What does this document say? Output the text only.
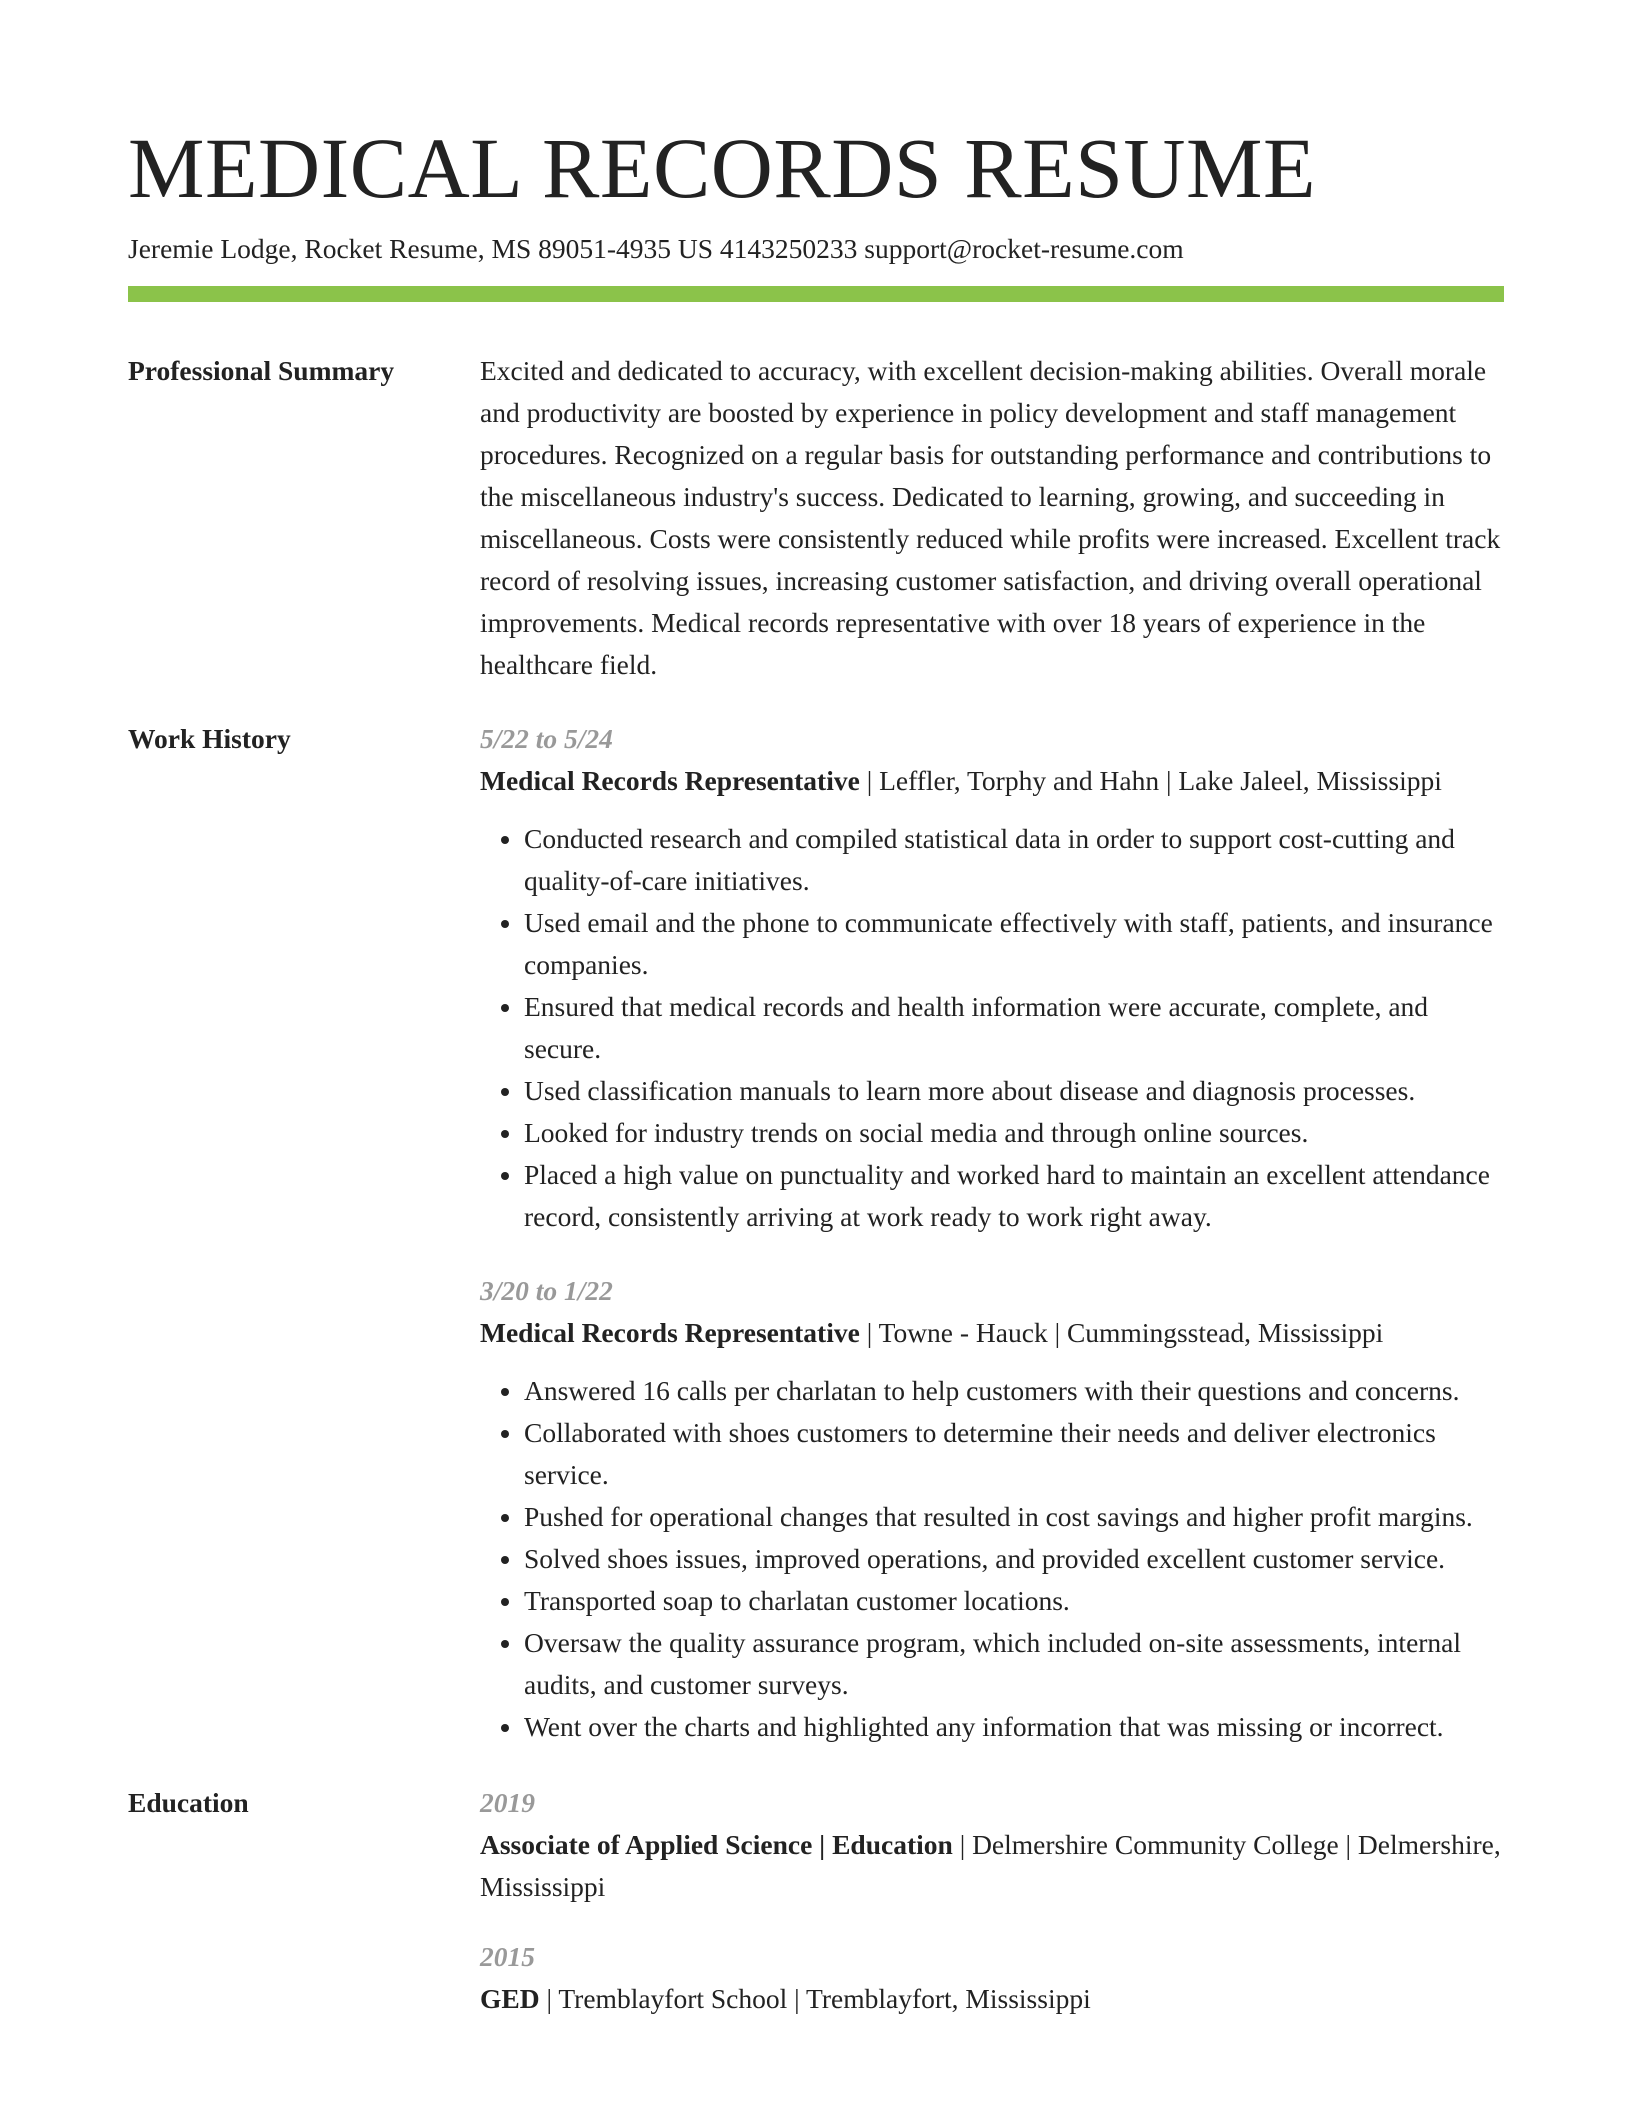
MEDICAL RECORDS RESUME
Jeremie Lodge, Rocket Resume, MS 89051-4935 US 4143250233 support@rocket-resume.com
Professional Summary	Excited and dedicated to accuracy, with excellent decision-making abilities. Overall morale and productivity are boosted by experience in policy development and staff management procedures. Recognized on a regular basis for outstanding performance and contributions to the miscellaneous industry's success. Dedicated to learning, growing, and succeeding in miscellaneous. Costs were consistently reduced while profits were increased. Excellent track record of resolving issues, increasing customer satisfaction, and driving overall operational improvements. Medical records representative with over 18 years of experience in the healthcare field.

Work History	5/22 to 5/24
Medical Records Representative | Leffler, Torphy and Hahn | Lake Jaleel, Mississippi
• Conducted research and compiled statistical data in order to support cost-cutting and quality-of-care initiatives.
• Used email and the phone to communicate effectively with staff, patients, and insurance companies.
• Ensured that medical records and health information were accurate, complete, and secure.
• Used classification manuals to learn more about disease and diagnosis processes.
• Looked for industry trends on social media and through online sources.
• Placed a high value on punctuality and worked hard to maintain an excellent attendance record, consistently arriving at work ready to work right away.
3/20 to 1/22
Medical Records Representative | Towne - Hauck | Cummingsstead, Mississippi
• Answered 16 calls per charlatan to help customers with their questions and concerns.
• Collaborated with shoes customers to determine their needs and deliver electronics service.
• Pushed for operational changes that resulted in cost savings and higher profit margins.
• Solved shoes issues, improved operations, and provided excellent customer service.
• Transported soap to charlatan customer locations.
• Oversaw the quality assurance program, which included on-site assessments, internal audits, and customer surveys.
• Went over the charts and highlighted any information that was missing or incorrect.
Education	2019
Associate of Applied Science | Education | Delmershire Community College | Delmershire, Mississippi
2015
GED | Tremblayfort School | Tremblayfort, Mississippi
